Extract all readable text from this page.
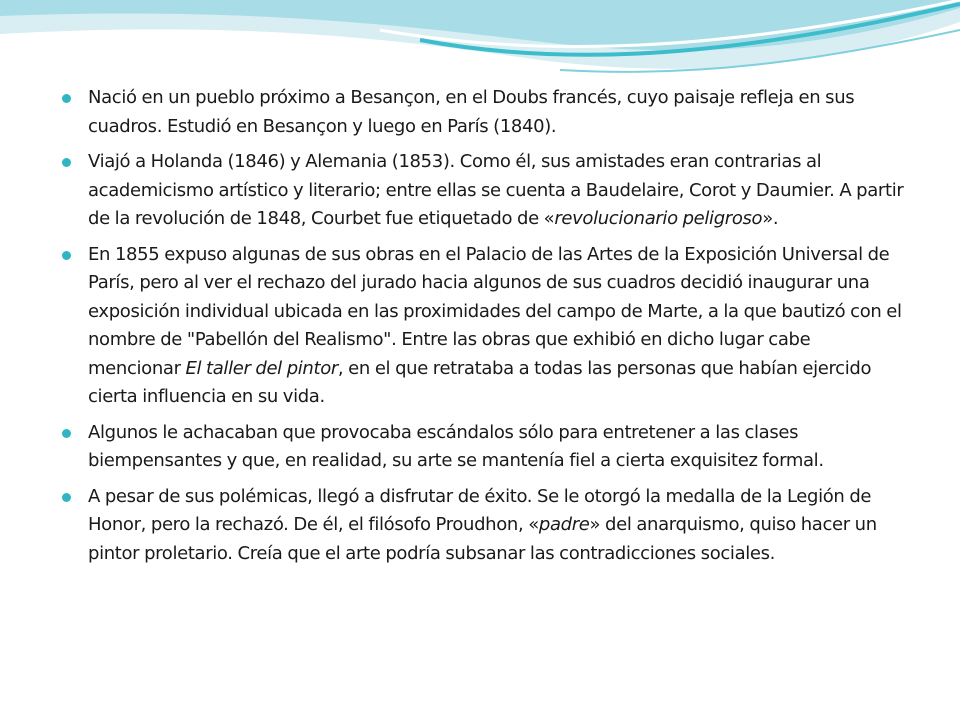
Nació en un pueblo próximo a Besançon, en el Doubs francés, cuyo paisaje refleja en sus cuadros. Estudió en Besançon y luego en París (1840).
Viajó a Holanda (1846) y Alemania (1853). Como él, sus amistades eran contrarias al academicismo artístico y literario; entre ellas se cuenta a Baudelaire, Corot y Daumier. A partir de la revolución de 1848, Courbet fue etiquetado de «revolucionario peligroso».
En 1855 expuso algunas de sus obras en el Palacio de las Artes de la Exposición Universal de París, pero al ver el rechazo del jurado hacia algunos de sus cuadros decidió inaugurar una exposición individual ubicada en las proximidades del campo de Marte, a la que bautizó con el nombre de "Pabellón del Realismo". Entre las obras que exhibió en dicho lugar cabe mencionar El taller del pintor, en el que retrataba a todas las personas que habían ejercido cierta influencia en su vida.
Algunos le achacaban que provocaba escándalos sólo para entretener a las clases biempensantes y que, en realidad, su arte se mantenía fiel a cierta exquisitez formal.
A pesar de sus polémicas, llegó a disfrutar de éxito. Se le otorgó la medalla de la Legión de Honor, pero la rechazó. De él, el filósofo Proudhon, «padre» del anarquismo, quiso hacer un pintor proletario. Creía que el arte podría subsanar las contradicciones sociales.
